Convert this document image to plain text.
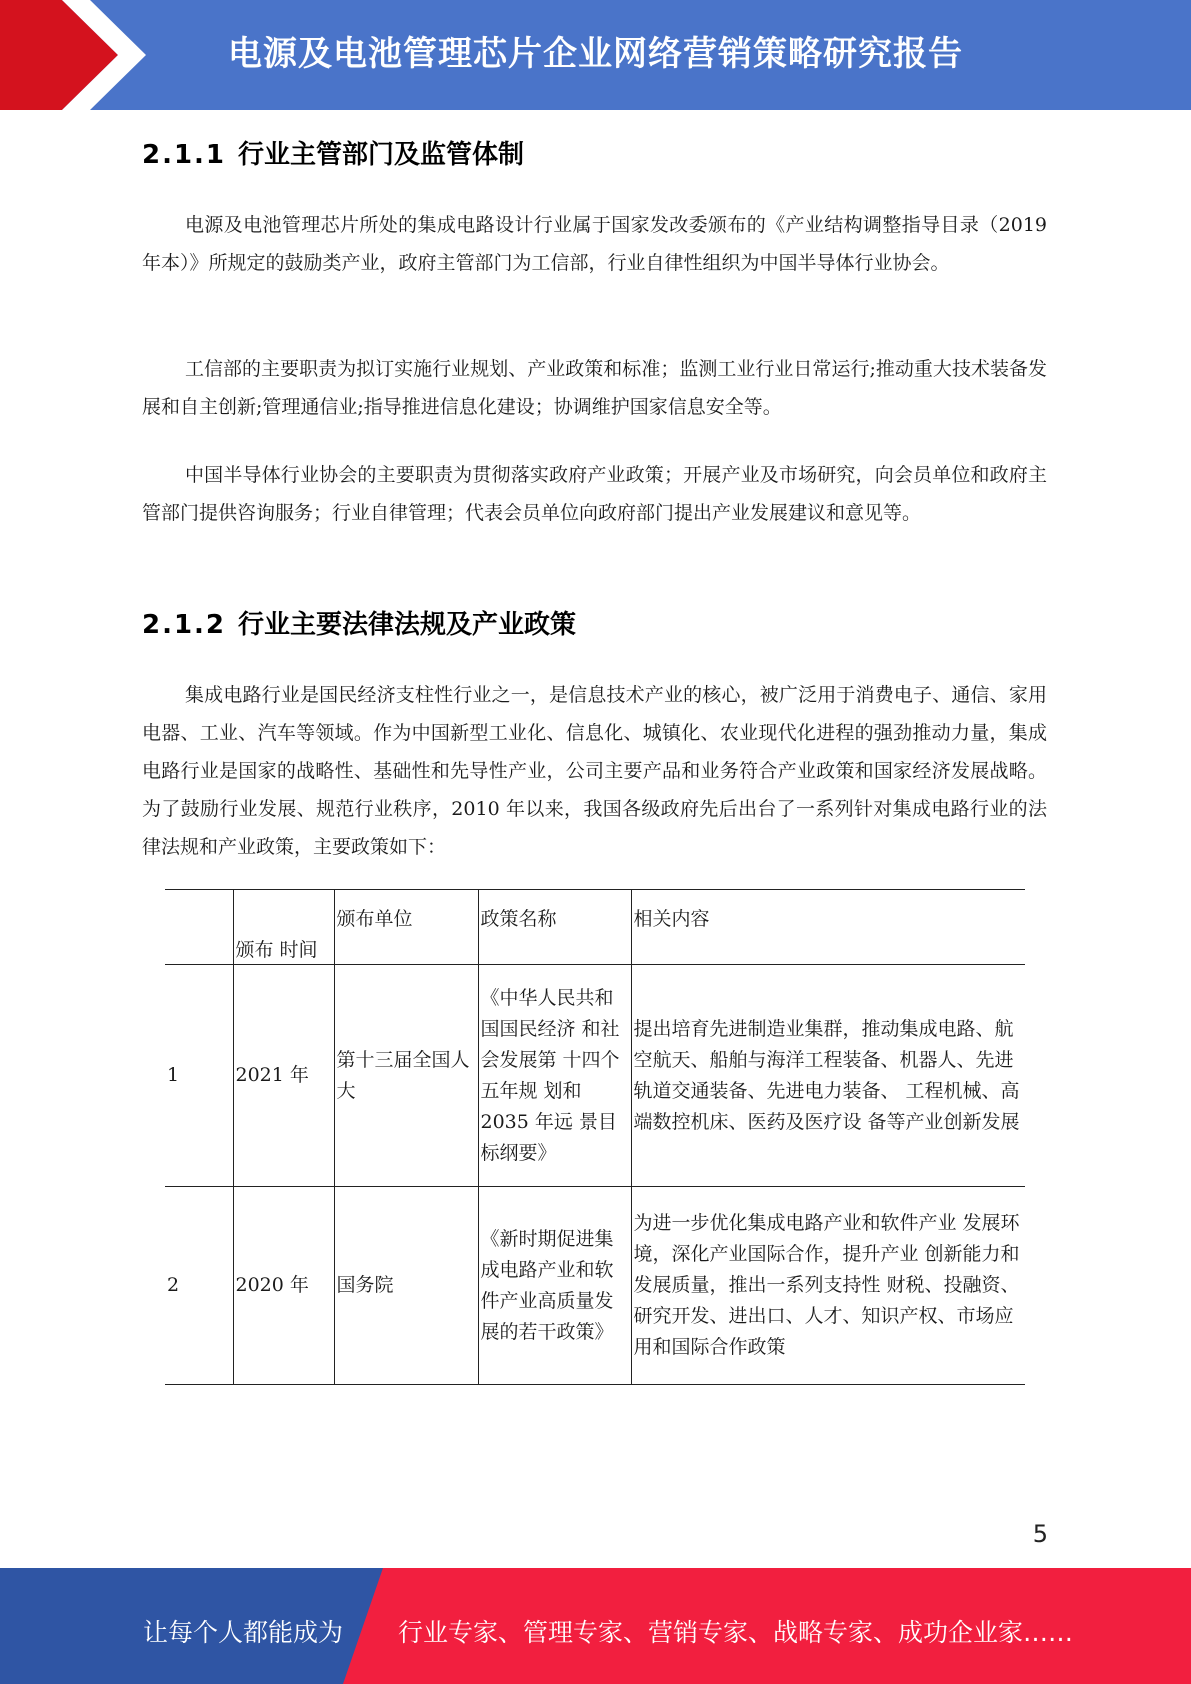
电源及电池管理芯片企业网络营销策略研究报告
2.1.1 行业主管部门及监管体制

电源及电池管理芯片所处的集成电路设计行业属于国家发改委颁布的《产业结构调整指导目录（2019 年本）》所规定的鼓励类产业，政府主管部门为工信部，行业自律性组织为中国半导体行业协会。

工信部的主要职责为拟订实施行业规划、产业政策和标准；监测工业行业日常运行;推动重大技术装备发展和自主创新;管理通信业;指导推进信息化建设；协调维护国家信息安全等。

中国半导体行业协会的主要职责为贯彻落实政府产业政策；开展产业及市场研究，向会员单位和政府主管部门提供咨询服务；行业自律管理；代表会员单位向政府部门提出产业发展建议和意见等。

2.1.2 行业主要法律法规及产业政策

集成电路行业是国民经济支柱性行业之一，是信息技术产业的核心，被广泛用于消费电子、通信、家用电器、工业、汽车等领域。作为中国新型工业化、信息化、城镇化、农业现代化进程的强劲推动力量，集成电路行业是国家的战略性、基础性和先导性产业，公司主要产品和业务符合产业政策和国家经济发展战略。为了鼓励行业发展、规范行业秩序，2010 年以来，我国各级政府先后出台了一系列针对集成电路行业的法律法规和产业政策，主要政策如下：

	颁布 时间	颁布单位	政策名称	相关内容
1	2021 年	第十三届全国人大	《中华人民共和国国民经济 和社会发展第 十四个五年规 划和 2035 年远 景目标纲要》	提出培育先进制造业集群，推动集成电路、航空航天、船舶与海洋工程装备、机器人、先进轨道交通装备、先进电力装备、 工程机械、高端数控机床、医药及医疗设 备等产业创新发展
2	2020 年	国务院	《新时期促进集成电路产业和软件产业高质量发展的若干政策》	为进一步优化集成电路产业和软件产业 发展环境，深化产业国际合作，提升产业 创新能力和发展质量，推出一系列支持性 财税、投融资、研究开发、进出口、人才、知识产权、市场应用和国际合作政策
5
让每个人都能成为 行业专家、管理专家、营销专家、战略专家、成功企业家……
